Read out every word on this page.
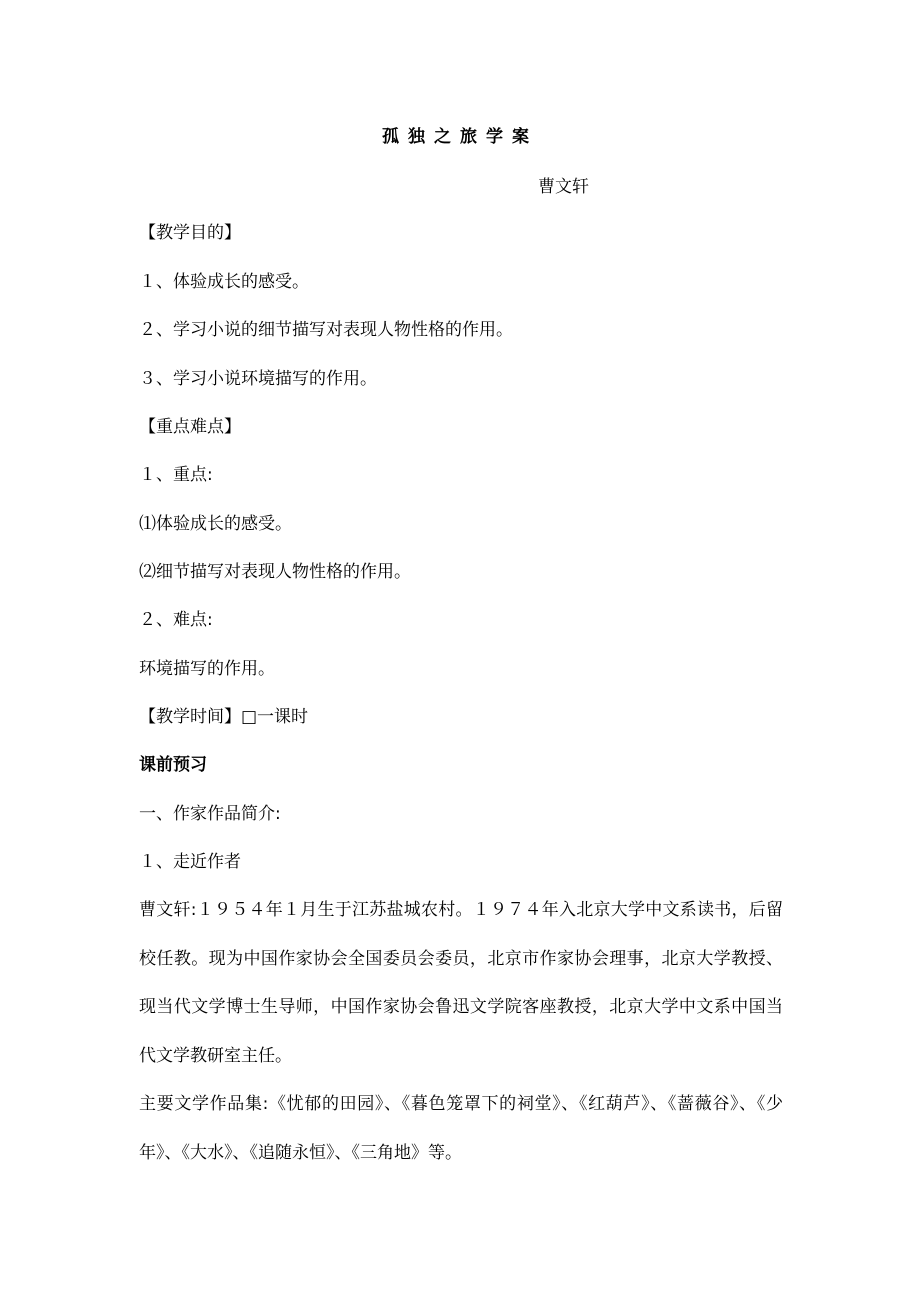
孤独之旅学案
曹文轩
【教学目的】
１、体验成长的感受。
２、学习小说的细节描写对表现人物性格的作用。
３、学习小说环境描写的作用。
【重点难点】
１、重点:
⑴体验成长的感受。
⑵细节描写对表现人物性格的作用。
２、难点:
环境描写的作用。
【教学时间】□一课时
课前预习
一、作家作品简介:
１、走近作者
曹文轩:１９５４年１月生于江苏盐城农村。１９７４年入北京大学中文系读书，后留校任教。现为中国作家协会全国委员会委员，北京市作家协会理事，北京大学教授、现当代文学博士生导师，中国作家协会鲁迅文学院客座教授，北京大学中文系中国当代文学教研室主任。
主要文学作品集:《忧郁的田园》、《暮色笼罩下的祠堂》、《红葫芦》、《蔷薇谷》、《少年》、《大水》、《追随永恒》、《三角地》等。
